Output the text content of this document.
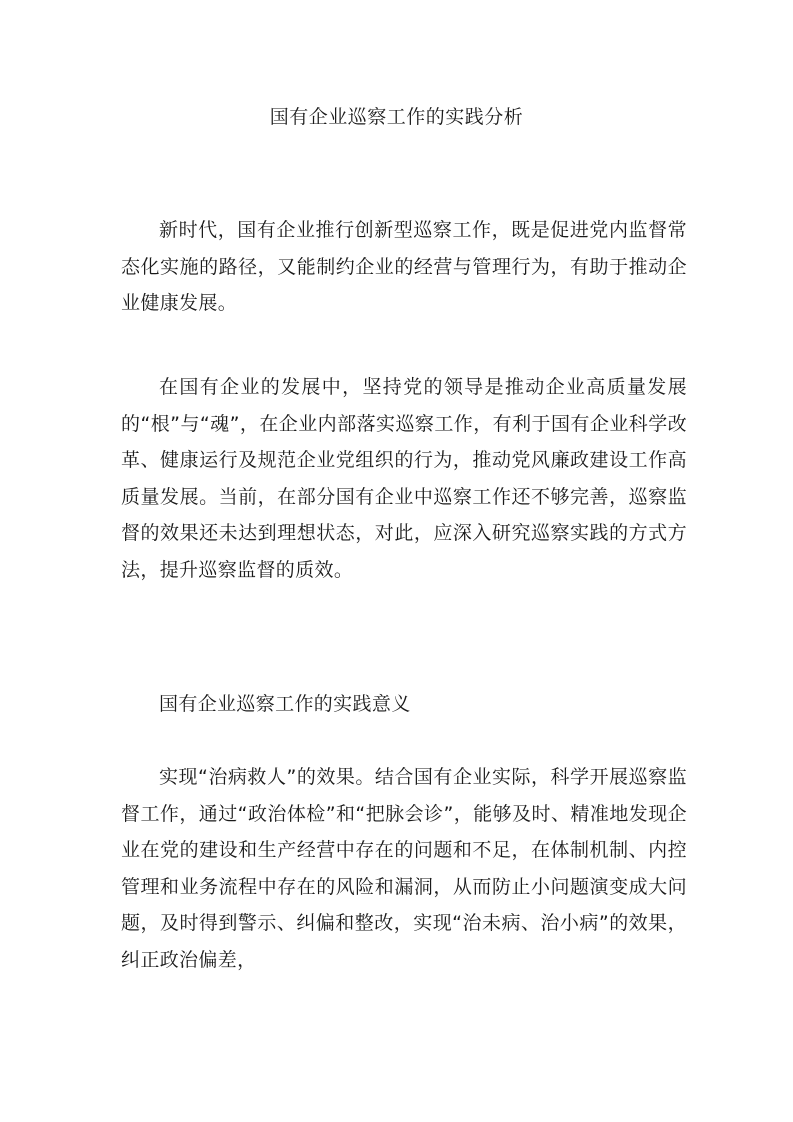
国有企业巡察工作的实践分析

新时代，国有企业推行创新型巡察工作，既是促进党内监督常态化实施的路径，又能制约企业的经营与管理行为，有助于推动企业健康发展。

在国有企业的发展中，坚持党的领导是推动企业高质量发展的“根”与“魂”，在企业内部落实巡察工作，有利于国有企业科学改革、健康运行及规范企业党组织的行为，推动党风廉政建设工作高质量发展。当前，在部分国有企业中巡察工作还不够完善，巡察监督的效果还未达到理想状态，对此，应深入研究巡察实践的方式方法，提升巡察监督的质效。

国有企业巡察工作的实践意义

实现“治病救人”的效果。结合国有企业实际，科学开展巡察监督工作，通过“政治体检”和“把脉会诊”，能够及时、精准地发现企业在党的建设和生产经营中存在的问题和不足，在体制机制、内控管理和业务流程中存在的风险和漏洞，从而防止小问题演变成大问题，及时得到警示、纠偏和整改，实现“治未病、治小病”的效果，纠正政治偏差，
